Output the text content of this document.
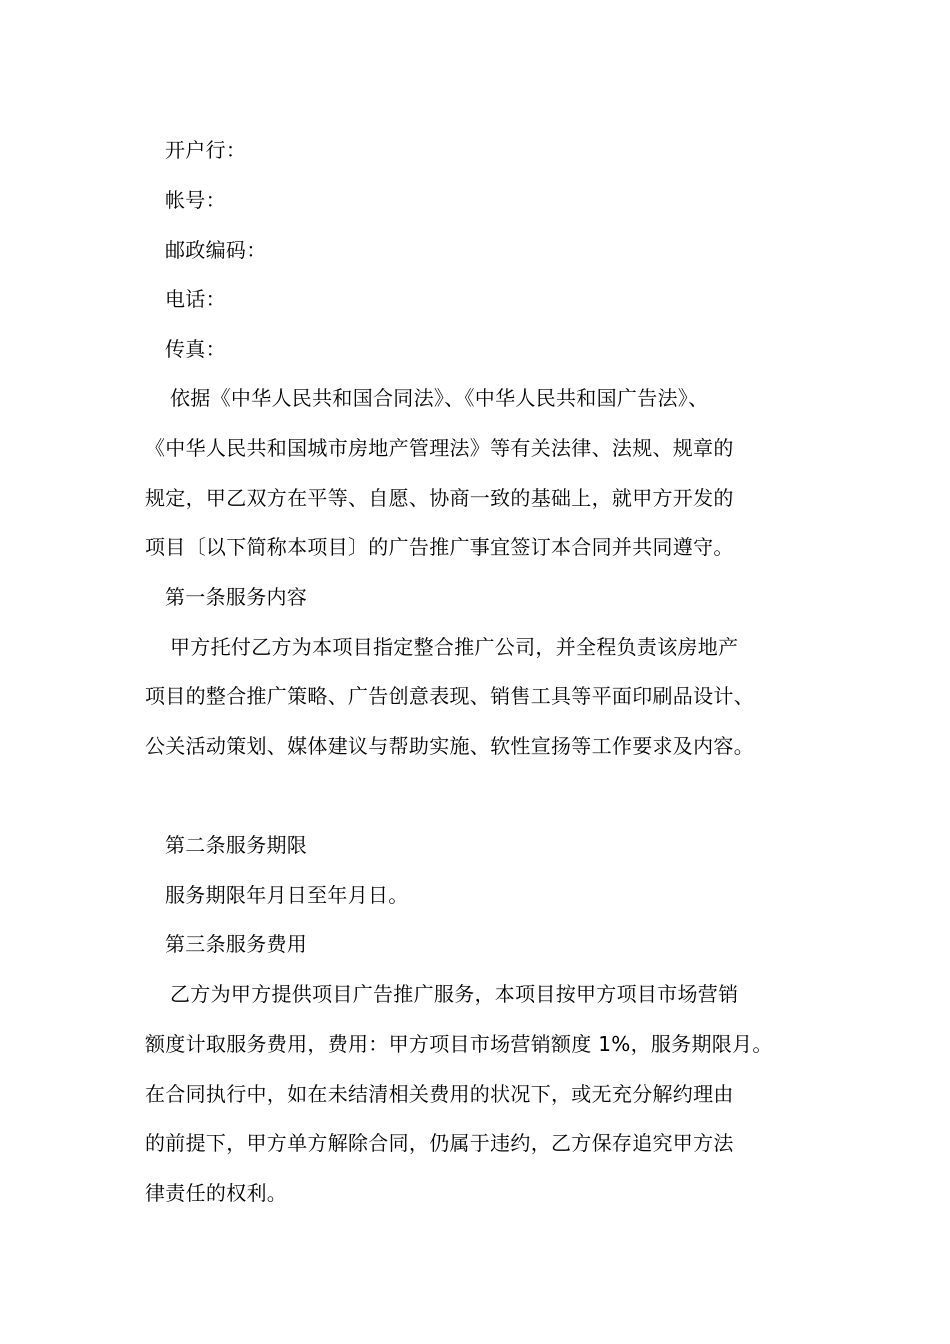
开户行：
帐号：
邮政编码：
电话：
传真：
依据《中华人民共和国合同法》、《中华人民共和国广告法》、
《中华人民共和国城市房地产管理法》等有关法律、法规、规章的
规定，甲乙双方在平等、自愿、协商一致的基础上，就甲方开发的
项目〔以下简称本项目〕的广告推广事宜签订本合同并共同遵守。
第一条服务内容
甲方托付乙方为本项目指定整合推广公司，并全程负责该房地产
项目的整合推广策略、广告创意表现、销售工具等平面印刷品设计、
公关活动策划、媒体建议与帮助实施、软性宣扬等工作要求及内容。
第二条服务期限
服务期限年月日至年月日。
第三条服务费用
乙方为甲方提供项目广告推广服务，本项目按甲方项目市场营销
额度计取服务费用，费用：甲方项目市场营销额度 1%，服务期限月。
在合同执行中，如在未结清相关费用的状况下，或无充分解约理由
的前提下，甲方单方解除合同，仍属于违约，乙方保存追究甲方法
律责任的权利。
